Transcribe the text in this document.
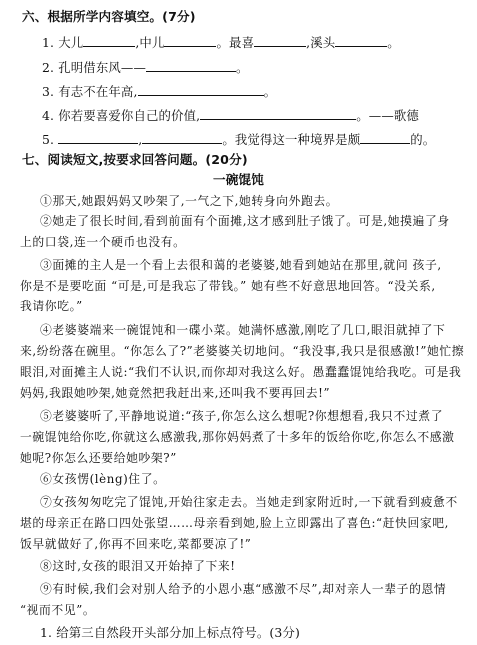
六、根据所学内容填空。(7分)
1. 大儿	,中儿	。最喜	,溪头	。
2. 孔明借东风——	。
3. 有志不在年高,	。
4. 你若要喜爱你自己的价值,	。——歌德
5.	,	。我觉得这一种境界是颇	的。
七、阅读短文,按要求回答问题。(20分)
一碗馄饨
①那天,她跟妈妈又吵架了,一气之下,她转身向外跑去。
②她走了很长时间,看到前面有个面摊,这才感到肚子饿了。可是,她摸遍了身
上的口袋,连一个硬币也没有。
③面摊的主人是一个看上去很和蔼的老婆婆,她看到她站在那里,就问 孩子,
你是不是要吃面 “可是,可是我忘了带钱。” 她有些不好意思地回答。“没关系,
我请你吃。”
④老婆婆端来一碗馄饨和一碟小菜。她满怀感激,刚吃了几口,眼泪就掉了下
来,纷纷落在碗里。“你怎么了?”老婆婆关切地问。“我没事,我只是很感激!”她忙擦
眼泪,对面摊主人说:“我们不认识,而你却对我这么好。愚蠢蠢馄饨给我吃。可是我
妈妈,我跟她吵架,她竟然把我赶出来,还叫我不要再回去!”
⑤老婆婆听了,平静地说道:“孩子,你怎么这么想呢?你想想看,我只不过煮了
一碗馄饨给你吃,你就这么感激我,那你妈妈煮了十多年的饭给你吃,你怎么不感激
她呢?你怎么还要给她吵架?”
⑥女孩愣(lèng)住了。
⑦女孩匆匆吃完了馄饨,开始往家走去。当她走到家附近时,一下就看到疲惫不
堪的母亲正在路口四处张望……母亲看到她,脸上立即露出了喜色:“赶快回家吧,
饭早就做好了,你再不回来吃,菜都要凉了!”
⑧这时,女孩的眼泪又开始掉了下来!
⑨有时候,我们会对别人给予的小恩小惠“感激不尽”,却对亲人一辈子的恩情
“视而不见”。
1. 给第三自然段开头部分加上标点符号。(3分)
